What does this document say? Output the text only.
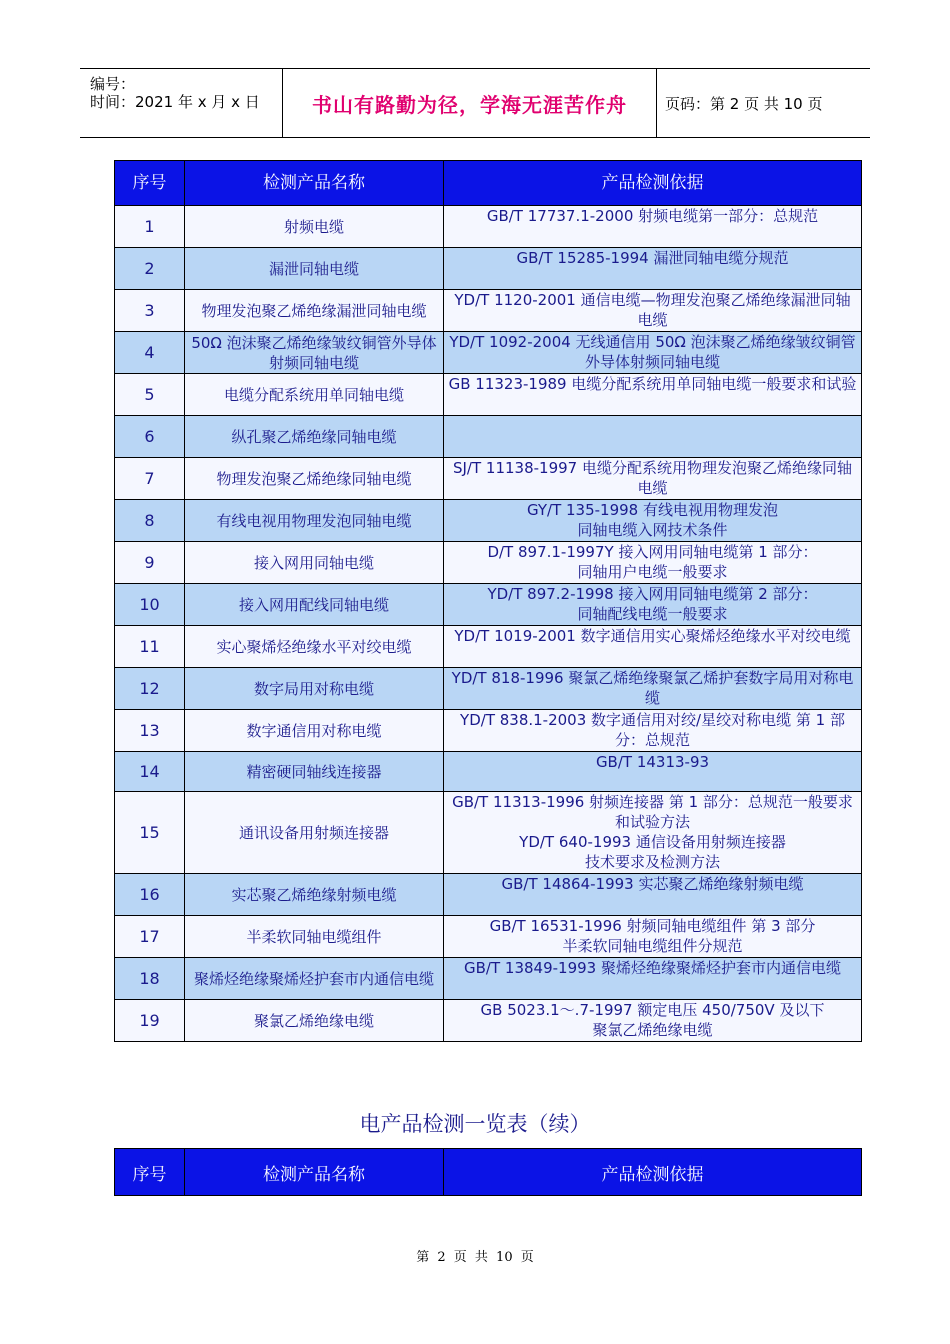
编号：
时间：2021 年 x 月 x 日	书山有路勤为径，学海无涯苦作舟	页码：第 2 页 共 10 页
序号	检测产品名称	产品检测依据
1	射频电缆	GB/T 17737.1-2000 射频电缆第一部分：总规范

2	漏泄同轴电缆	GB/T 15285-1994 漏泄同轴电缆分规范

3	物理发泡聚乙烯绝缘漏泄同轴电缆	YD/T 1120-2001 通信电缆—物理发泡聚乙烯绝缘漏泄同轴电缆

4	50Ω 泡沫聚乙烯绝缘皱纹铜管外导体射频同轴电缆	YD/T 1092-2004 无线通信用 50Ω 泡沫聚乙烯绝缘皱纹铜管外导体射频同轴电缆

5	电缆分配系统用单同轴电缆	GB 11323-1989 电缆分配系统用单同轴电缆一般要求和试验

6	纵孔聚乙烯绝缘同轴电缆	

7	物理发泡聚乙烯绝缘同轴电缆	SJ/T 11138-1997 电缆分配系统用物理发泡聚乙烯绝缘同轴电缆

8	有线电视用物理发泡同轴电缆	GY/T 135-1998 有线电视用物理发泡
同轴电缆入网技术条件

9	接入网用同轴电缆	D/T 897.1-1997Y 接入网用同轴电缆第 1 部分：
同轴用户电缆一般要求

10	接入网用配线同轴电缆	YD/T 897.2-1998 接入网用同轴电缆第 2 部分：
同轴配线电缆一般要求

11	实心聚烯烃绝缘水平对绞电缆	YD/T 1019-2001 数字通信用实心聚烯烃绝缘水平对绞电缆

12	数字局用对称电缆	YD/T 818-1996 聚氯乙烯绝缘聚氯乙烯护套数字局用对称电缆

13	数字通信用对称电缆	YD/T 838.1-2003 数字通信用对绞/星绞对称电缆 第 1 部分：总规范

14	精密硬同轴线连接器	GB/T 14313-93

15	通讯设备用射频连接器	GB/T 11313-1996 射频连接器 第 1 部分：总规范一般要求和试验方法
YD/T 640-1993 通信设备用射频连接器
技术要求及检测方法

16	实芯聚乙烯绝缘射频电缆	GB/T 14864-1993 实芯聚乙烯绝缘射频电缆

17	半柔软同轴电缆组件	GB/T 16531-1996 射频同轴电缆组件 第 3 部分
半柔软同轴电缆组件分规范

18	聚烯烃绝缘聚烯烃护套市内通信电缆	GB/T 13849-1993 聚烯烃绝缘聚烯烃护套市内通信电缆

19	聚氯乙烯绝缘电缆	GB 5023.1～.7-1997 额定电压 450/750V 及以下
聚氯乙烯绝缘电缆
电产品检测一览表（续）
序号	检测产品名称	产品检测依据
第 2 页 共 10 页
